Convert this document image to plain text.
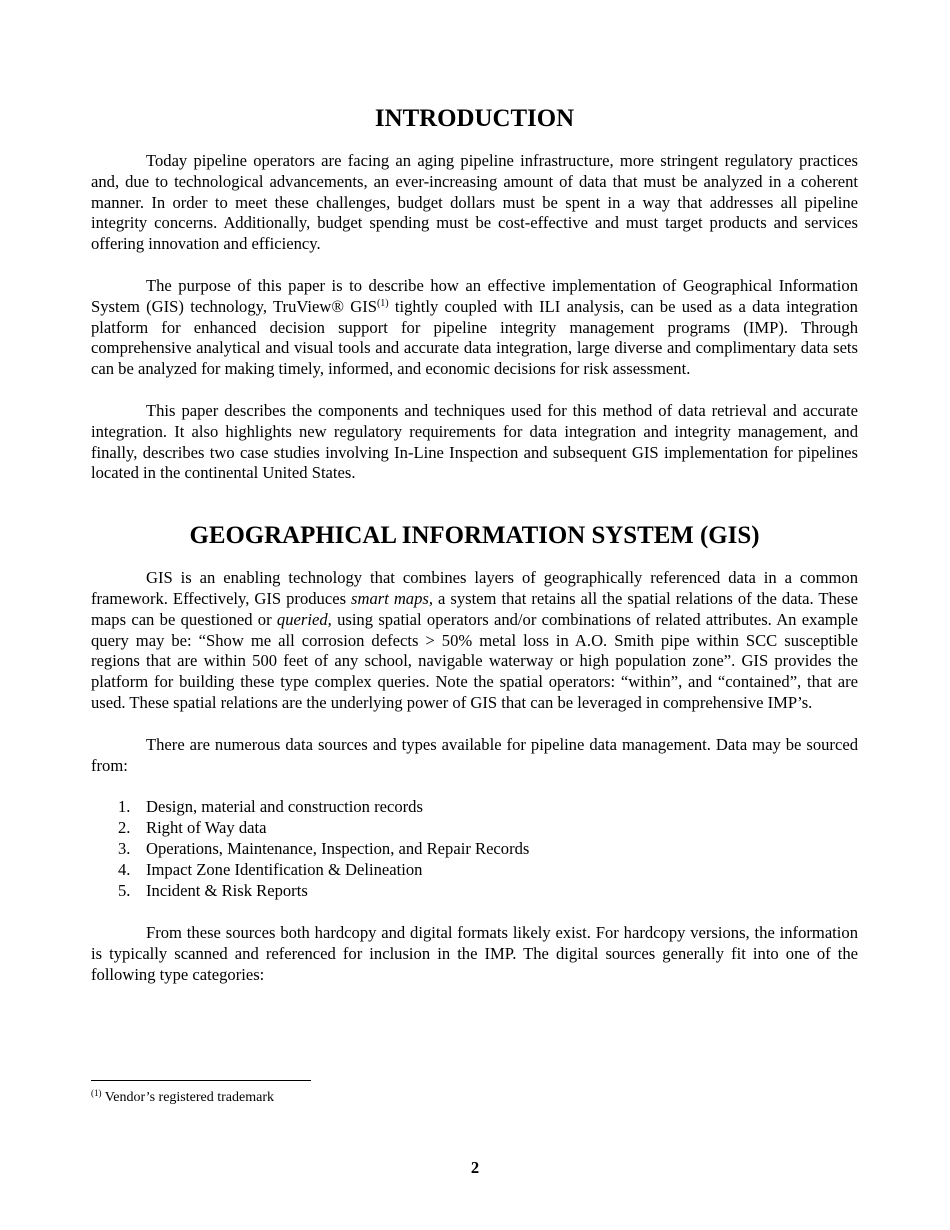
INTRODUCTION

Today pipeline operators are facing an aging pipeline infrastructure, more stringent regulatory practices and, due to technological advancements, an ever-increasing amount of data that must be analyzed in a coherent manner. In order to meet these challenges, budget dollars must be spent in a way that addresses all pipeline integrity concerns. Additionally, budget spending must be cost-effective and must target products and services offering innovation and efficiency.

The purpose of this paper is to describe how an effective implementation of Geographical Information System (GIS) technology, TruView® GIS$^{(1)}$ tightly coupled with ILI analysis, can be used as a data integration platform for enhanced decision support for pipeline integrity management programs (IMP). Through comprehensive analytical and visual tools and accurate data integration, large diverse and complimentary data sets can be analyzed for making timely, informed, and economic decisions for risk assessment.

This paper describes the components and techniques used for this method of data retrieval and accurate integration. It also highlights new regulatory requirements for data integration and integrity management, and finally, describes two case studies involving In-Line Inspection and subsequent GIS implementation for pipelines located in the continental United States.

GEOGRAPHICAL INFORMATION SYSTEM (GIS)

GIS is an enabling technology that combines layers of geographically referenced data in a common framework. Effectively, GIS produces smart maps, a system that retains all the spatial relations of the data. These maps can be questioned or queried, using spatial operators and/or combinations of related attributes. An example query may be: “Show me all corrosion defects > 50% metal loss in A.O. Smith pipe within SCC susceptible regions that are within 500 feet of any school, navigable waterway or high population zone”. GIS provides the platform for building these type complex queries. Note the spatial operators: “within”, and “contained”, that are used. These spatial relations are the underlying power of GIS that can be leveraged in comprehensive IMP’s.

There are numerous data sources and types available for pipeline data management. Data may be sourced from:

1. Design, material and construction records
2. Right of Way data
3. Operations, Maintenance, Inspection, and Repair Records
4. Impact Zone Identification & Delineation
5. Incident & Risk Reports

From these sources both hardcopy and digital formats likely exist. For hardcopy versions, the information is typically scanned and referenced for inclusion in the IMP. The digital sources generally fit into one of the following type categories:

$^{(1)}$ Vendor’s registered trademark
2
